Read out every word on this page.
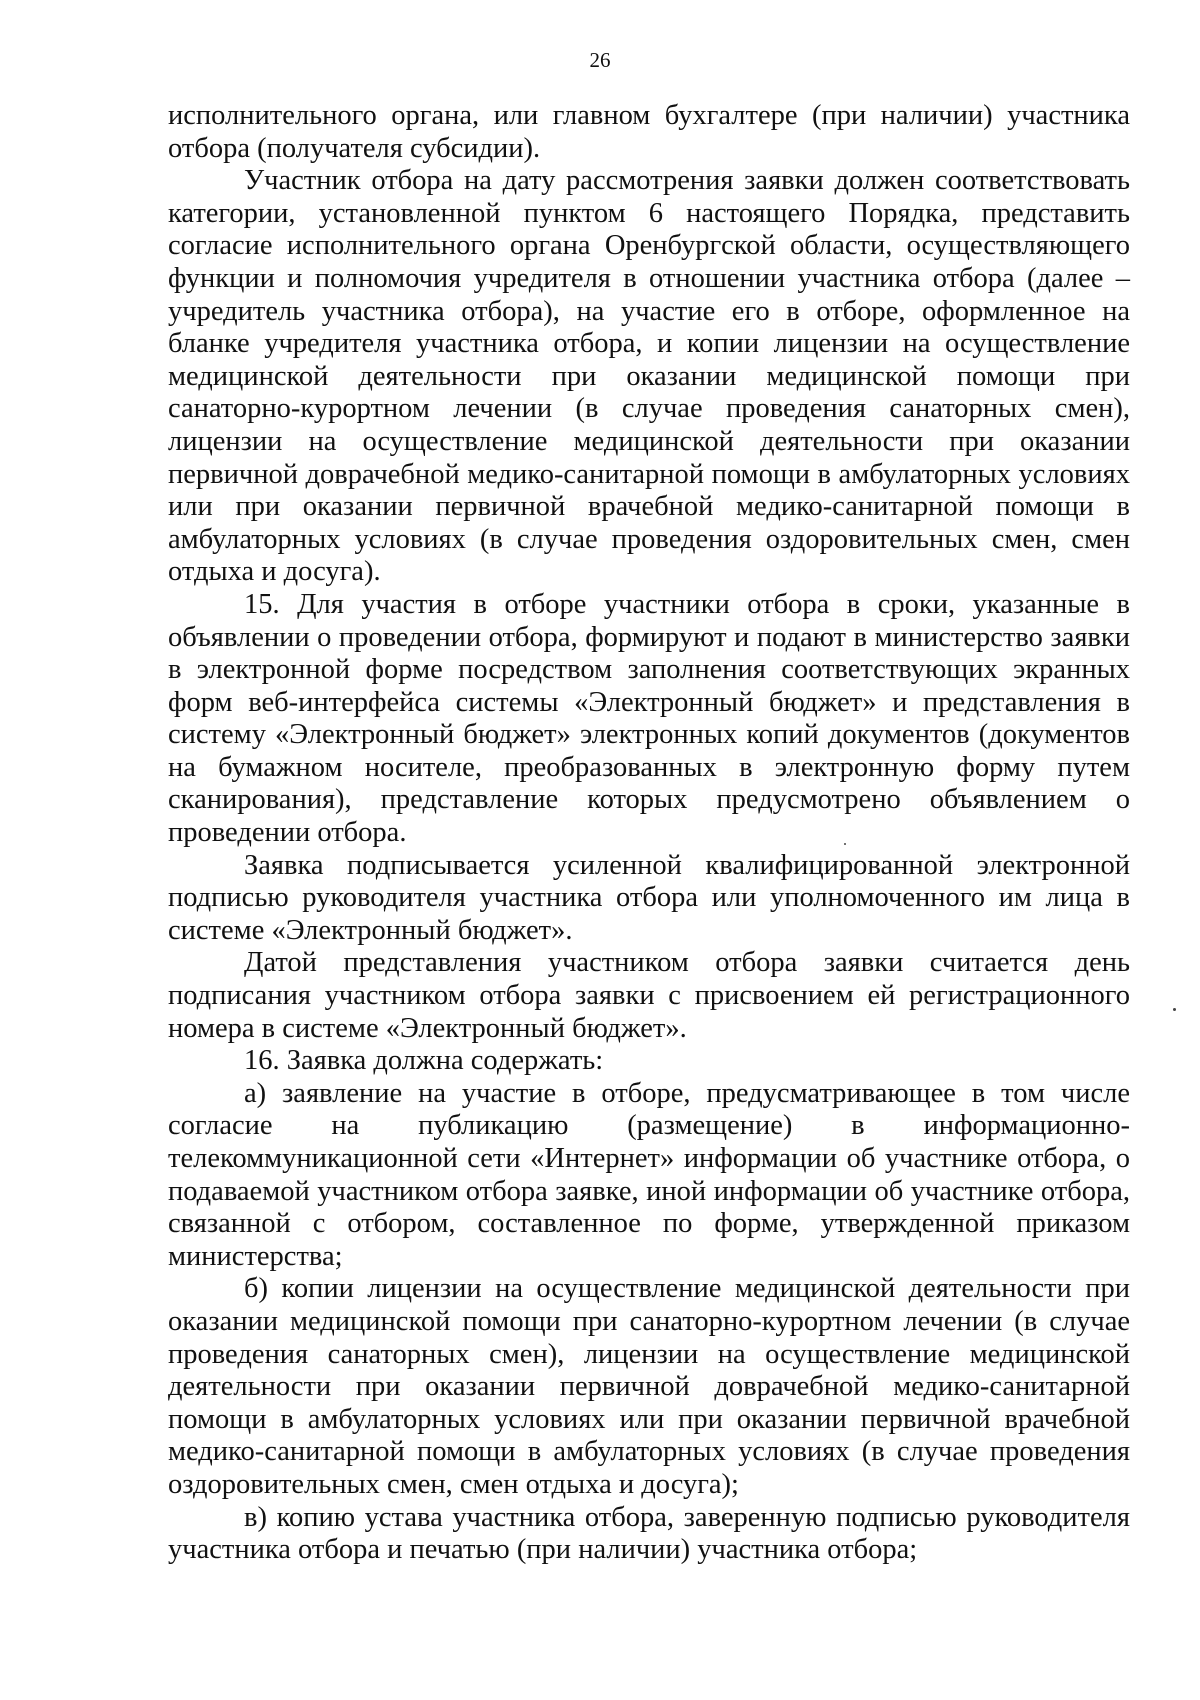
26

исполнительного органа, или главном бухгалтере (при наличии) участника отбора (получателя субсидии).

Участник отбора на дату рассмотрения заявки должен соответствовать категории, установленной пунктом 6 настоящего Порядка, представить согласие исполнительного органа Оренбургской области, осуществляющего функции и полномочия учредителя в отношении участника отбора (далее – учредитель участника отбора), на участие его в отборе, оформленное на бланке учредителя участника отбора, и копии лицензии на осуществление медицинской деятельности при оказании медицинской помощи при санаторно-курортном лечении (в случае проведения санаторных смен), лицензии на осуществление медицинской деятельности при оказании первичной доврачебной медико-санитарной помощи в амбулаторных условиях или при оказании первичной врачебной медико-санитарной помощи в амбулаторных условиях (в случае проведения оздоровительных смен, смен отдыха и досуга).

15. Для участия в отборе участники отбора в сроки, указанные в объявлении о проведении отбора, формируют и подают в министерство заявки в электронной форме посредством заполнения соответствующих экранных форм веб-интерфейса системы «Электронный бюджет» и представления в систему «Электронный бюджет» электронных копий документов (документов на бумажном носителе, преобразованных в электронную форму путем сканирования), представление которых предусмотрено объявлением о проведении отбора.

Заявка подписывается усиленной квалифицированной электронной подписью руководителя участника отбора или уполномоченного им лица в системе «Электронный бюджет».

Датой представления участником отбора заявки считается день подписания участником отбора заявки с присвоением ей регистрационного номера в системе «Электронный бюджет».

16. Заявка должна содержать:

а) заявление на участие в отборе, предусматривающее в том числе согласие на публикацию (размещение) в информационно-телекоммуникационной сети «Интернет» информации об участнике отбора, о подаваемой участником отбора заявке, иной информации об участнике отбора, связанной с отбором, составленное по форме, утвержденной приказом министерства;

б) копии лицензии на осуществление медицинской деятельности при оказании медицинской помощи при санаторно-курортном лечении (в случае проведения санаторных смен), лицензии на осуществление медицинской деятельности при оказании первичной доврачебной медико-санитарной помощи в амбулаторных условиях или при оказании первичной врачебной медико-санитарной помощи в амбулаторных условиях (в случае проведения оздоровительных смен, смен отдыха и досуга);

в) копию устава участника отбора, заверенную подписью руководителя участника отбора и печатью (при наличии) участника отбора;
